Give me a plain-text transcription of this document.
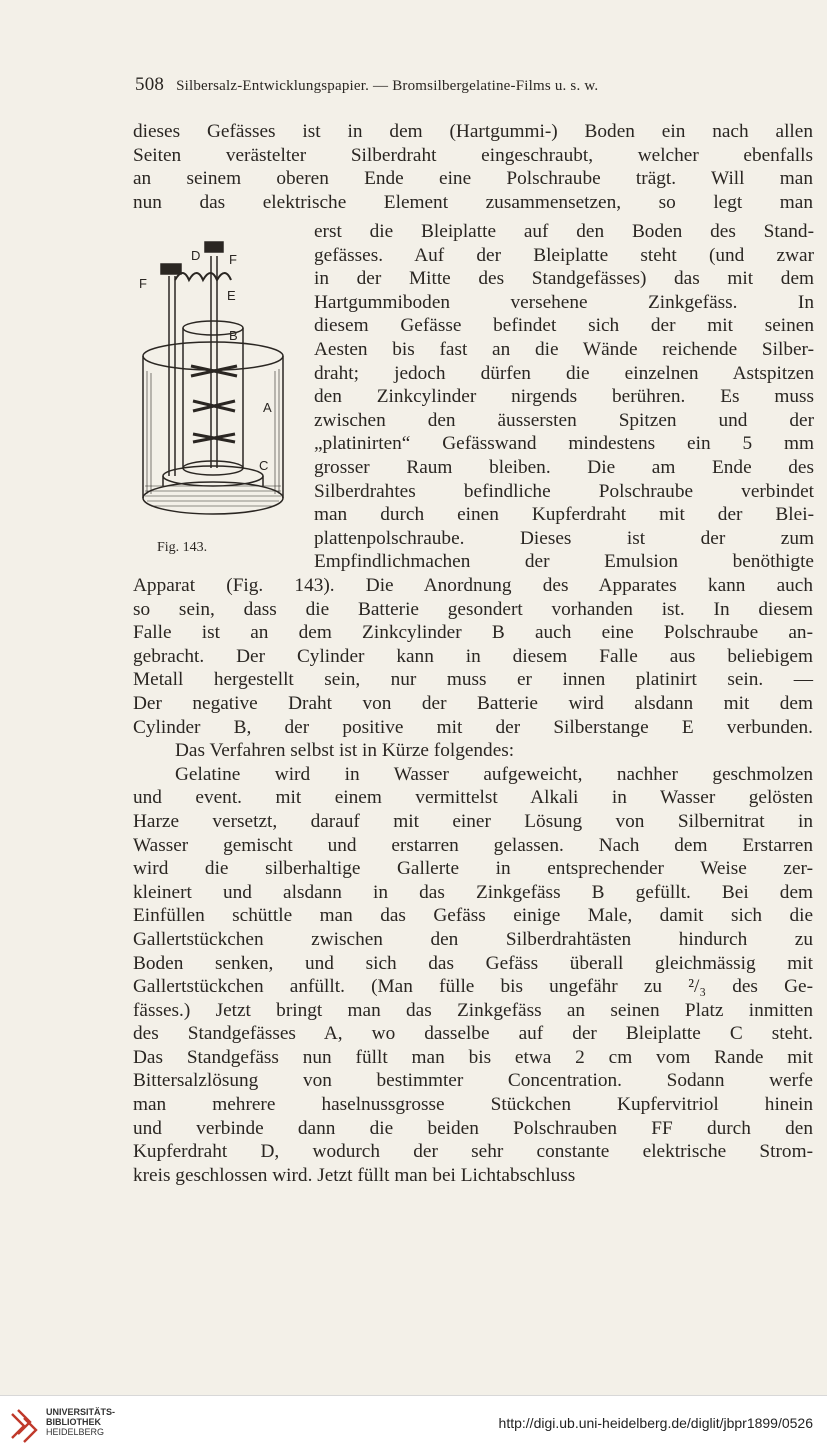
508 Silbersalz-Entwicklungspapier. — Bromsilbergelatine-Films u. s. w.
dieses Gefässes ist in dem (Hartgummi-) Boden ein nach allen
Seiten verästelter Silberdraht eingeschraubt, welcher ebenfalls
an seinem oberen Ende eine Polschraube trägt. Will man
nun das elektrische Element zusammensetzen, so legt man
D F
F
E
B
A
C
Fig. 143.
erst die Bleiplatte auf den Boden des Stand-
gefässes. Auf der Bleiplatte steht (und zwar
in der Mitte des Standgefässes) das mit dem
Hartgummiboden versehene Zinkgefäss. In
diesem Gefässe befindet sich der mit seinen
Aesten bis fast an die Wände reichende Silber-
draht; jedoch dürfen die einzelnen Astspitzen
den Zinkcylinder nirgends berühren. Es muss
zwischen den äussersten Spitzen und der
„platinirten“ Gefässwand mindestens ein 5 mm
grosser Raum bleiben. Die am Ende des
Silberdrahtes befindliche Polschraube verbindet
man durch einen Kupferdraht mit der Blei-
plattenpolschraube. Dieses ist der zum
Empfindlichmachen der Emulsion benöthigte
Apparat (Fig. 143). Die Anordnung des Apparates kann auch
so sein, dass die Batterie gesondert vorhanden ist. In diesem
Falle ist an dem Zinkcylinder B auch eine Polschraube an-
gebracht. Der Cylinder kann in diesem Falle aus beliebigem
Metall hergestellt sein, nur muss er innen platinirt sein. —
Der negative Draht von der Batterie wird alsdann mit dem
Cylinder B, der positive mit der Silberstange E verbunden.
Das Verfahren selbst ist in Kürze folgendes:
Gelatine wird in Wasser aufgeweicht, nachher geschmolzen
und event. mit einem vermittelst Alkali in Wasser gelösten
Harze versetzt, darauf mit einer Lösung von Silbernitrat in
Wasser gemischt und erstarren gelassen. Nach dem Erstarren
wird die silberhaltige Gallerte in entsprechender Weise zer-
kleinert und alsdann in das Zinkgefäss B gefüllt. Bei dem
Einfüllen schüttle man das Gefäss einige Male, damit sich die
Gallertstückchen zwischen den Silberdrahtästen hindurch zu
Boden senken, und sich das Gefäss überall gleichmässig mit
Gallertstückchen anfüllt. (Man fülle bis ungefähr zu ²/₃ des Ge-
fässes.) Jetzt bringt man das Zinkgefäss an seinen Platz inmitten
des Standgefässes A, wo dasselbe auf der Bleiplatte C steht.
Das Standgefäss nun füllt man bis etwa 2 cm vom Rande mit
Bittersalzlösung von bestimmter Concentration. Sodann werfe
man mehrere haselnussgrosse Stückchen Kupfervitriol hinein
und verbinde dann die beiden Polschrauben FF durch den
Kupferdraht D, wodurch der sehr constante elektrische Strom-
kreis geschlossen wird. Jetzt füllt man bei Lichtabschluss
UNIVERSITÄTS-
BIBLIOTHEK
HEIDELBERG
http://digi.ub.uni-heidelberg.de/diglit/jbpr1899/0526
